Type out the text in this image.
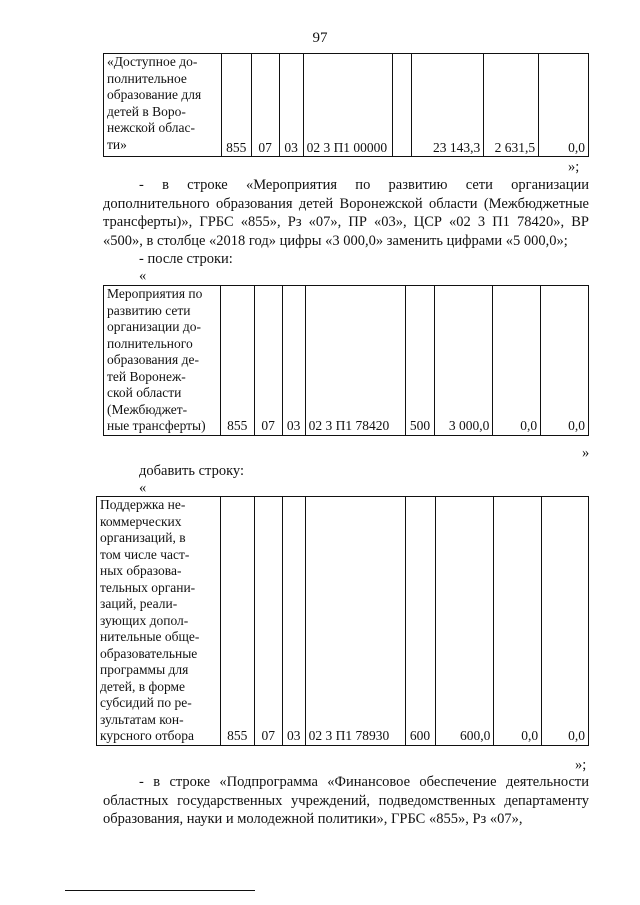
97
«Доступное до-
полнительное
образование для
детей в Воро-
нежской облас-
ти»	855	07	03	02 3 П1 00000		23 143,3	2 631,5	0,0
»;
- в строке «Мероприятия по развитию сети организации дополнительного образования детей Воронежской области (Межбюджетные трансферты)», ГРБС «855», Рз «07», ПР «03», ЦСР «02 3 П1 78420», ВР «500», в столбце «2018 год» цифры «3 000,0» заменить цифрами «5 000,0»;
- после строки:
«
Мероприятия по
развитию сети
организации до-
полнительного
образования де-
тей Воронеж-
ской области
(Межбюджет-
ные трансферты)	855	07	03	02 3 П1 78420	500	3 000,0	0,0	0,0
»
добавить строку:
«
Поддержка не-
коммерческих
организаций, в
том числе част-
ных образова-
тельных органи-
заций, реали-
зующих допол-
нительные обще-
образовательные
программы для
детей, в форме
субсидий по ре-
зультатам кон-
курсного отбора	855	07	03	02 3 П1 78930	600	600,0	0,0	0,0
»;
- в строке «Подпрограмма «Финансовое обеспечение деятельности областных государственных учреждений, подведомственных департаменту образования, науки и молодежной политики», ГРБС «855», Рз «07»,
